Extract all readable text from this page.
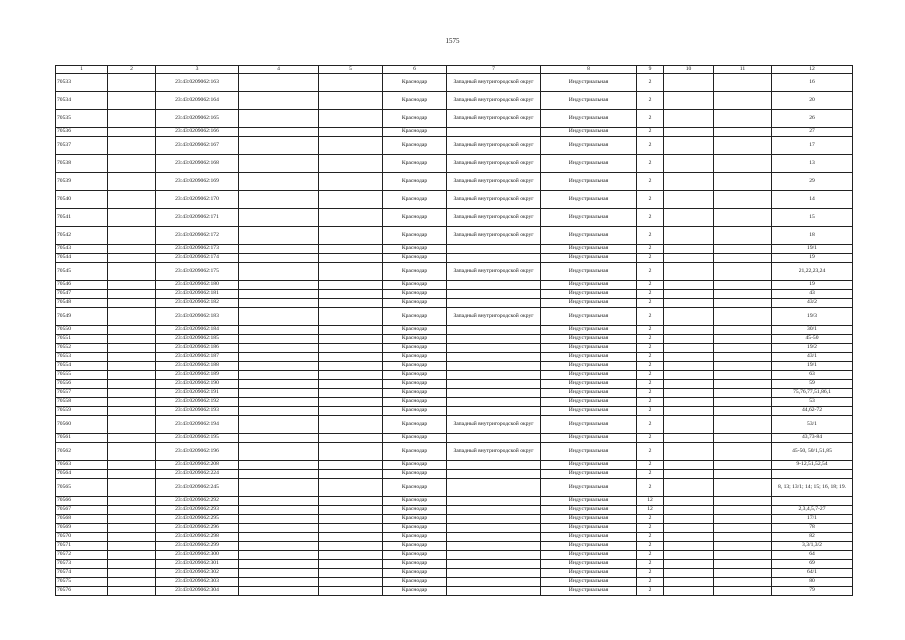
1575
1	2	3	4	5	6	7	8	9	10	11	12
70533		23:43:0209062:163			Краснодар	Западный внутригородской округ	Индустриальная	2			16
70534		23:43:0209062:164			Краснодар	Западный внутригородской округ	Индустриальная	2			20
70535		23:43:0209062:165			Краснодар	Западный внутригородской округ	Индустриальная	2			26
70536		23:43:0209062:166			Краснодар		Индустриальная	2			27
70537		23:43:0209062:167			Краснодар	Западный внутригородской округ	Индустриальная	2			17
70538		23:43:0209062:168			Краснодар	Западный внутригородской округ	Индустриальная	2			13
70539		23:43:0209062:169			Краснодар	Западный внутригородской округ	Индустриальная	2			29
70540		23:43:0209062:170			Краснодар	Западный внутригородской округ	Индустриальная	2			14
70541		23:43:0209062:171			Краснодар	Западный внутригородской округ	Индустриальная	2			15
70542		23:43:0209062:172			Краснодар	Западный внутригородской округ	Индустриальная	2			18
70543		23:43:0209062:173			Краснодар		Индустриальная	2			19/1
70544		23:43:0209062:174			Краснодар		Индустриальная	2			19
70545		23:43:0209062:175			Краснодар	Западный внутригородской округ	Индустриальная	2			21,22,23,24
70546		23:43:0209062:180			Краснодар		Индустриальная	2			19
70547		23:43:0209062:181			Краснодар		Индустриальная	2			43
70548		23:43:0209062:182			Краснодар		Индустриальная	2			43/2
70549		23:43:0209062:183			Краснодар	Западный внутригородской округ	Индустриальная	2			19/3
70550		23:43:0209062:184			Краснодар		Индустриальная	2			30/1
70551		23:43:0209062:185			Краснодар		Индустриальная	2			45-50
70552		23:43:0209062:186			Краснодар		Индустриальная	2			19/2
70553		23:43:0209062:187			Краснодар		Индустриальная	2			43/1
70554		23:43:0209062:188			Краснодар		Индустриальная	2			19/1
70555		23:43:0209062:189			Краснодар		Индустриальная	2			63
70556		23:43:0209062:190			Краснодар		Индустриальная	2			59
70557		23:43:0209062:191			Краснодар		Индустриальная	2			75,76,77,51,86,1
70558		23:43:0209062:192			Краснодар		Индустриальная	2			53
70559		23:43:0209062:193			Краснодар		Индустриальная	2			44,62-72
70560		23:43:0209062:194			Краснодар	Западный внутригородской округ	Индустриальная	2			53/1
70561		23:43:0209062:195			Краснодар		Индустриальная	2			43,73-84
70562		23:43:0209062:196			Краснодар	Западный внутригородской округ	Индустриальная	2			45-50, 50/1,51,85
70563		23:43:0209062:208			Краснодар		Индустриальная	2			9-12,51,52,54
70564		23:43:0209062:224			Краснодар		Индустриальная	2			
70565		23:43:0209062:245			Краснодар		Индустриальная	2			8, 13; 13/1; 14; 15; 16, 18; 19.
70566		23:43:0209062:292			Краснодар		Индустриальная	12			
70567		23:43:0209062:293			Краснодар		Индустриальная	12			2,3,4,5,7-27
70568		23:43:0209062:295			Краснодар		Индустриальная	2			17/1
70569		23:43:0209062:296			Краснодар		Индустриальная	2			78
70570		23:43:0209062:298			Краснодар		Индустриальная	2			82
70571		23:43:0209062:299			Краснодар		Индустриальная	2			3,3/1,3/2
70572		23:43:0209062:300			Краснодар		Индустриальная	2			64
70573		23:43:0209062:301			Краснодар		Индустриальная	2			69
70574		23:43:0209062:302			Краснодар		Индустриальная	2			64/1
70575		23:43:0209062:303			Краснодар		Индустриальная	2			80
70576		23:43:0209062:304			Краснодар		Индустриальная	2			79
